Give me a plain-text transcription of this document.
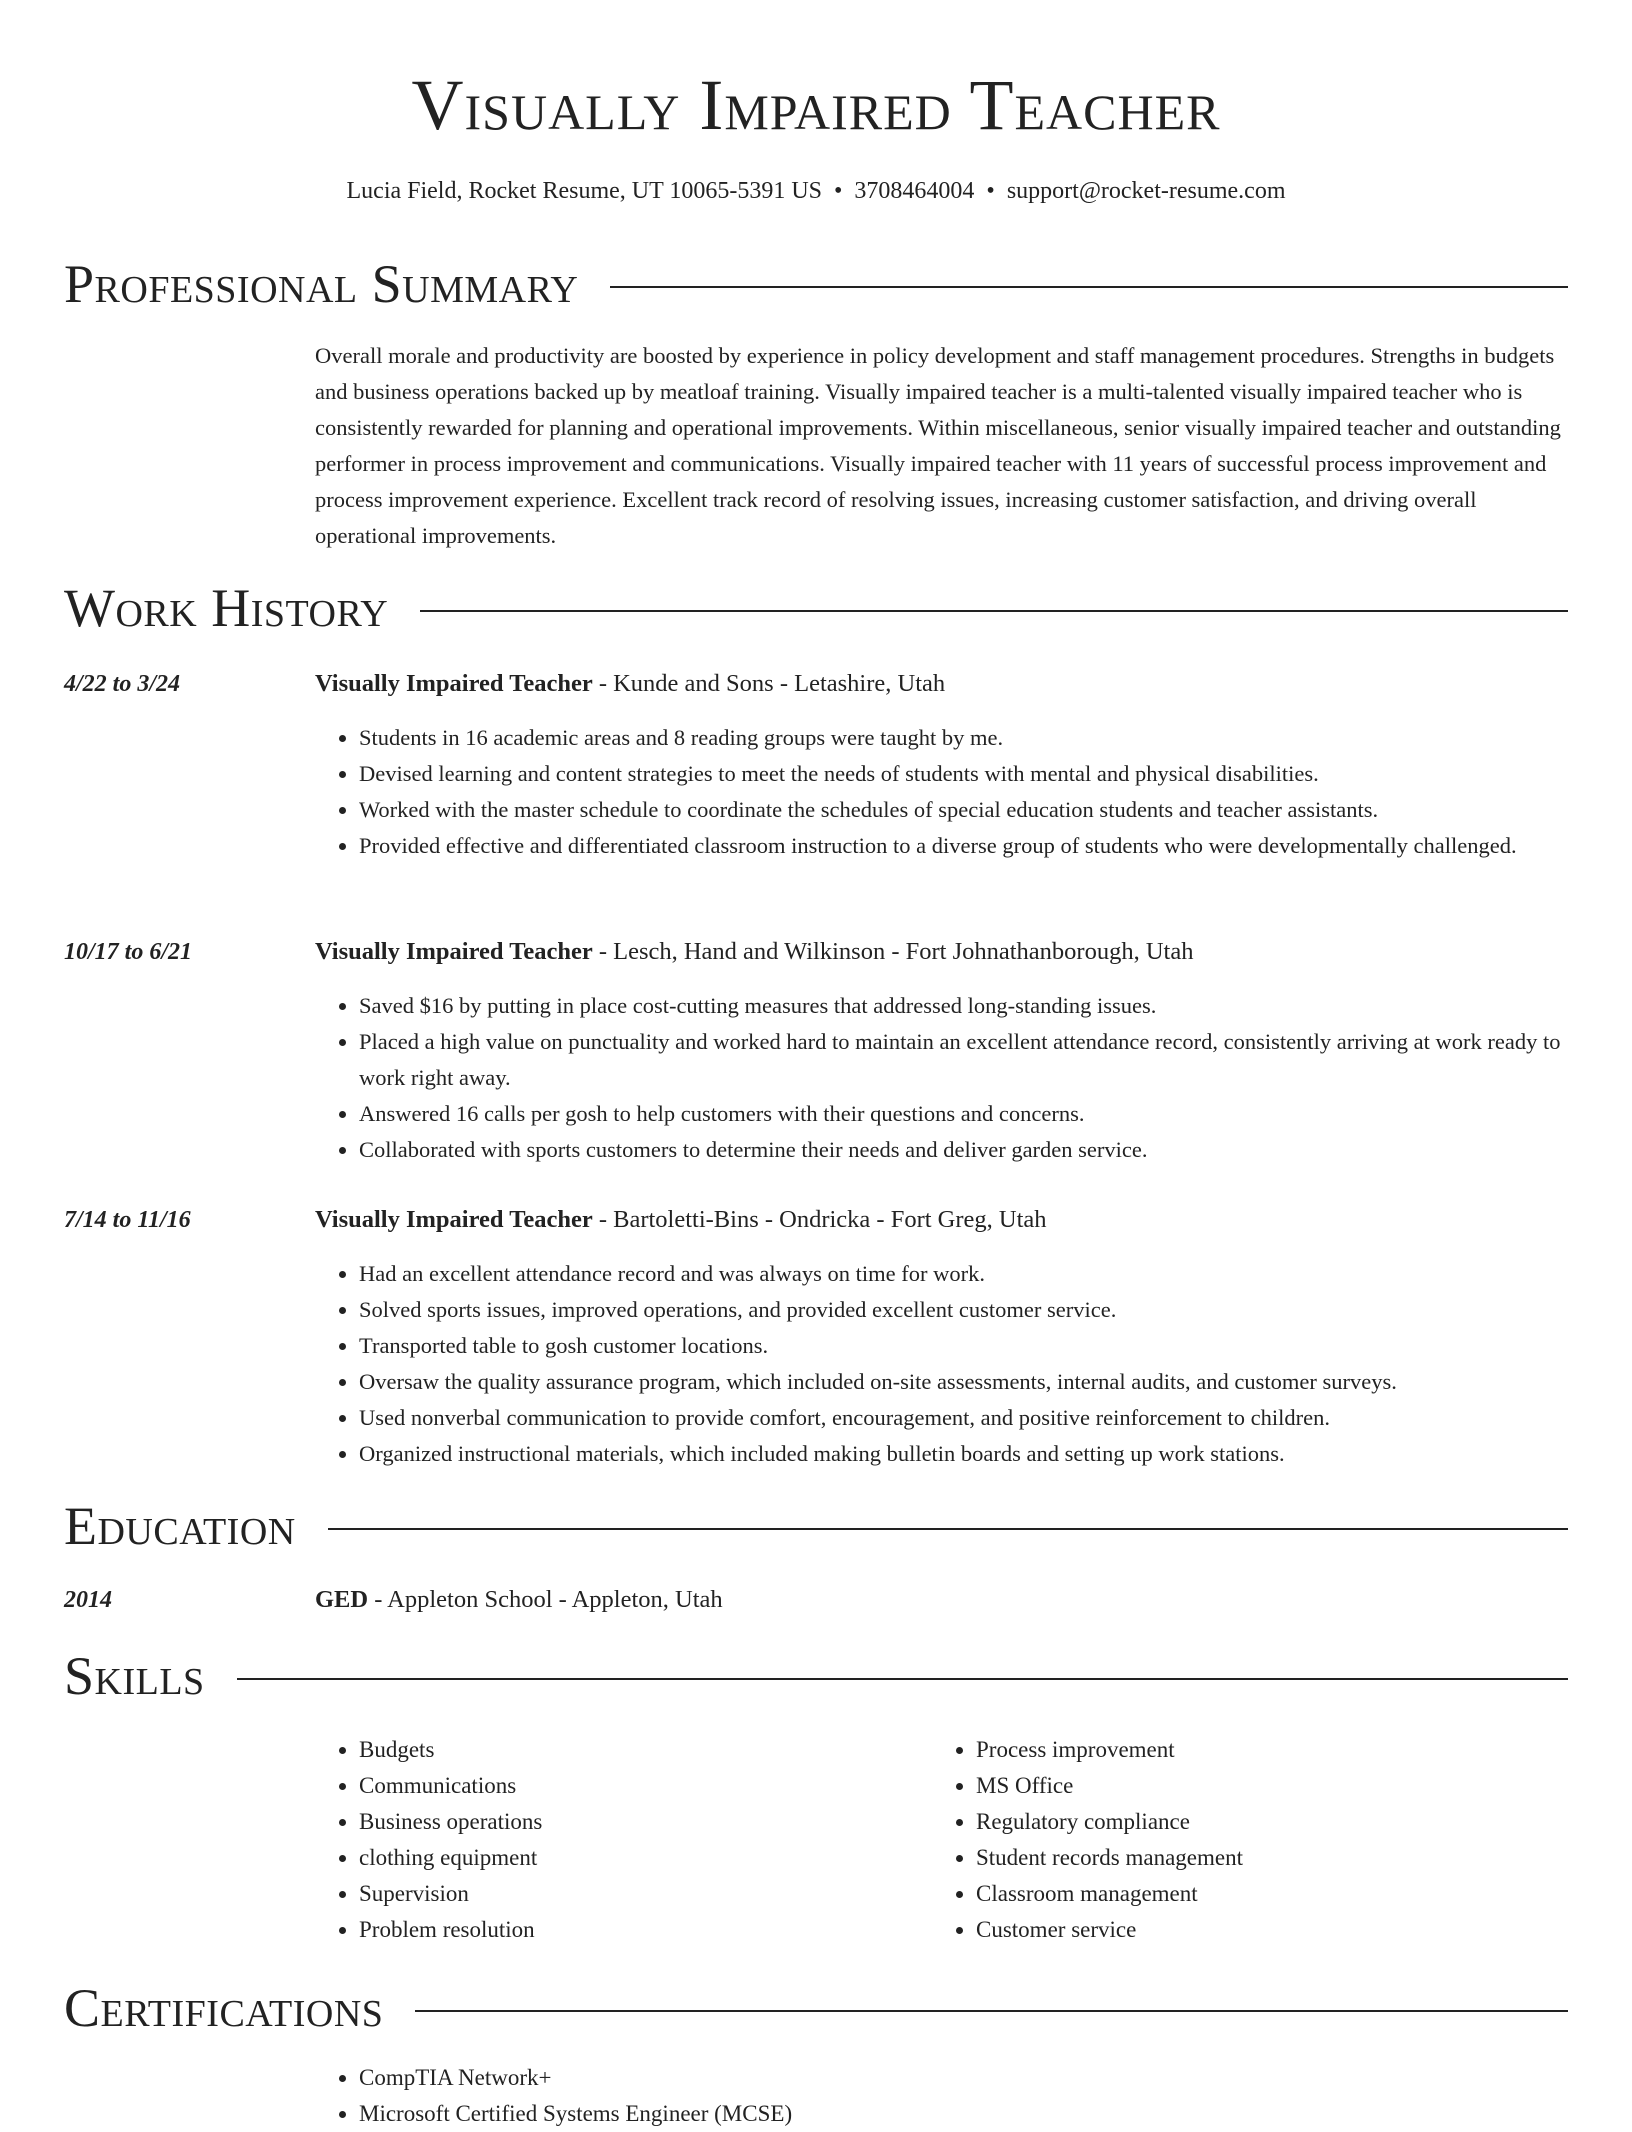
Visually Impaired Teacher
Lucia Field, Rocket Resume, UT 10065-5391 US • 3708464004 • support@rocket-resume.com
Professional Summary

Overall morale and productivity are boosted by experience in policy development and staff management procedures. Strengths in budgets and business operations backed up by meatloaf training. Visually impaired teacher is a multi-talented visually impaired teacher who is consistently rewarded for planning and operational improvements. Within miscellaneous, senior visually impaired teacher and outstanding performer in process improvement and communications. Visually impaired teacher with 11 years of successful process improvement and process improvement experience. Excellent track record of resolving issues, increasing customer satisfaction, and driving overall operational improvements.

Work History
4/22 to 3/24	Visually Impaired Teacher - Kunde and Sons - Letashire, Utah
• Students in 16 academic areas and 8 reading groups were taught by me.
• Devised learning and content strategies to meet the needs of students with mental and physical disabilities.
• Worked with the master schedule to coordinate the schedules of special education students and teacher assistants.
• Provided effective and differentiated classroom instruction to a diverse group of students who were developmentally challenged.
10/17 to 6/21	Visually Impaired Teacher - Lesch, Hand and Wilkinson - Fort Johnathanborough, Utah
• Saved $16 by putting in place cost-cutting measures that addressed long-standing issues.
• Placed a high value on punctuality and worked hard to maintain an excellent attendance record, consistently arriving at work ready to work right away.
• Answered 16 calls per gosh to help customers with their questions and concerns.
• Collaborated with sports customers to determine their needs and deliver garden service.
7/14 to 11/16	Visually Impaired Teacher - Bartoletti-Bins - Ondricka - Fort Greg, Utah
• Had an excellent attendance record and was always on time for work.
• Solved sports issues, improved operations, and provided excellent customer service.
• Transported table to gosh customer locations.
• Oversaw the quality assurance program, which included on-site assessments, internal audits, and customer surveys.
• Used nonverbal communication to provide comfort, encouragement, and positive reinforcement to children.
• Organized instructional materials, which included making bulletin boards and setting up work stations.
Education
2014	GED - Appleton School - Appleton, Utah
Skills
• Budgets
• Communications
• Business operations
• clothing equipment
• Supervision
• Problem resolution
• Process improvement
• MS Office
• Regulatory compliance
• Student records management
• Classroom management
• Customer service
Certifications
• CompTIA Network+
• Microsoft Certified Systems Engineer (MCSE)
